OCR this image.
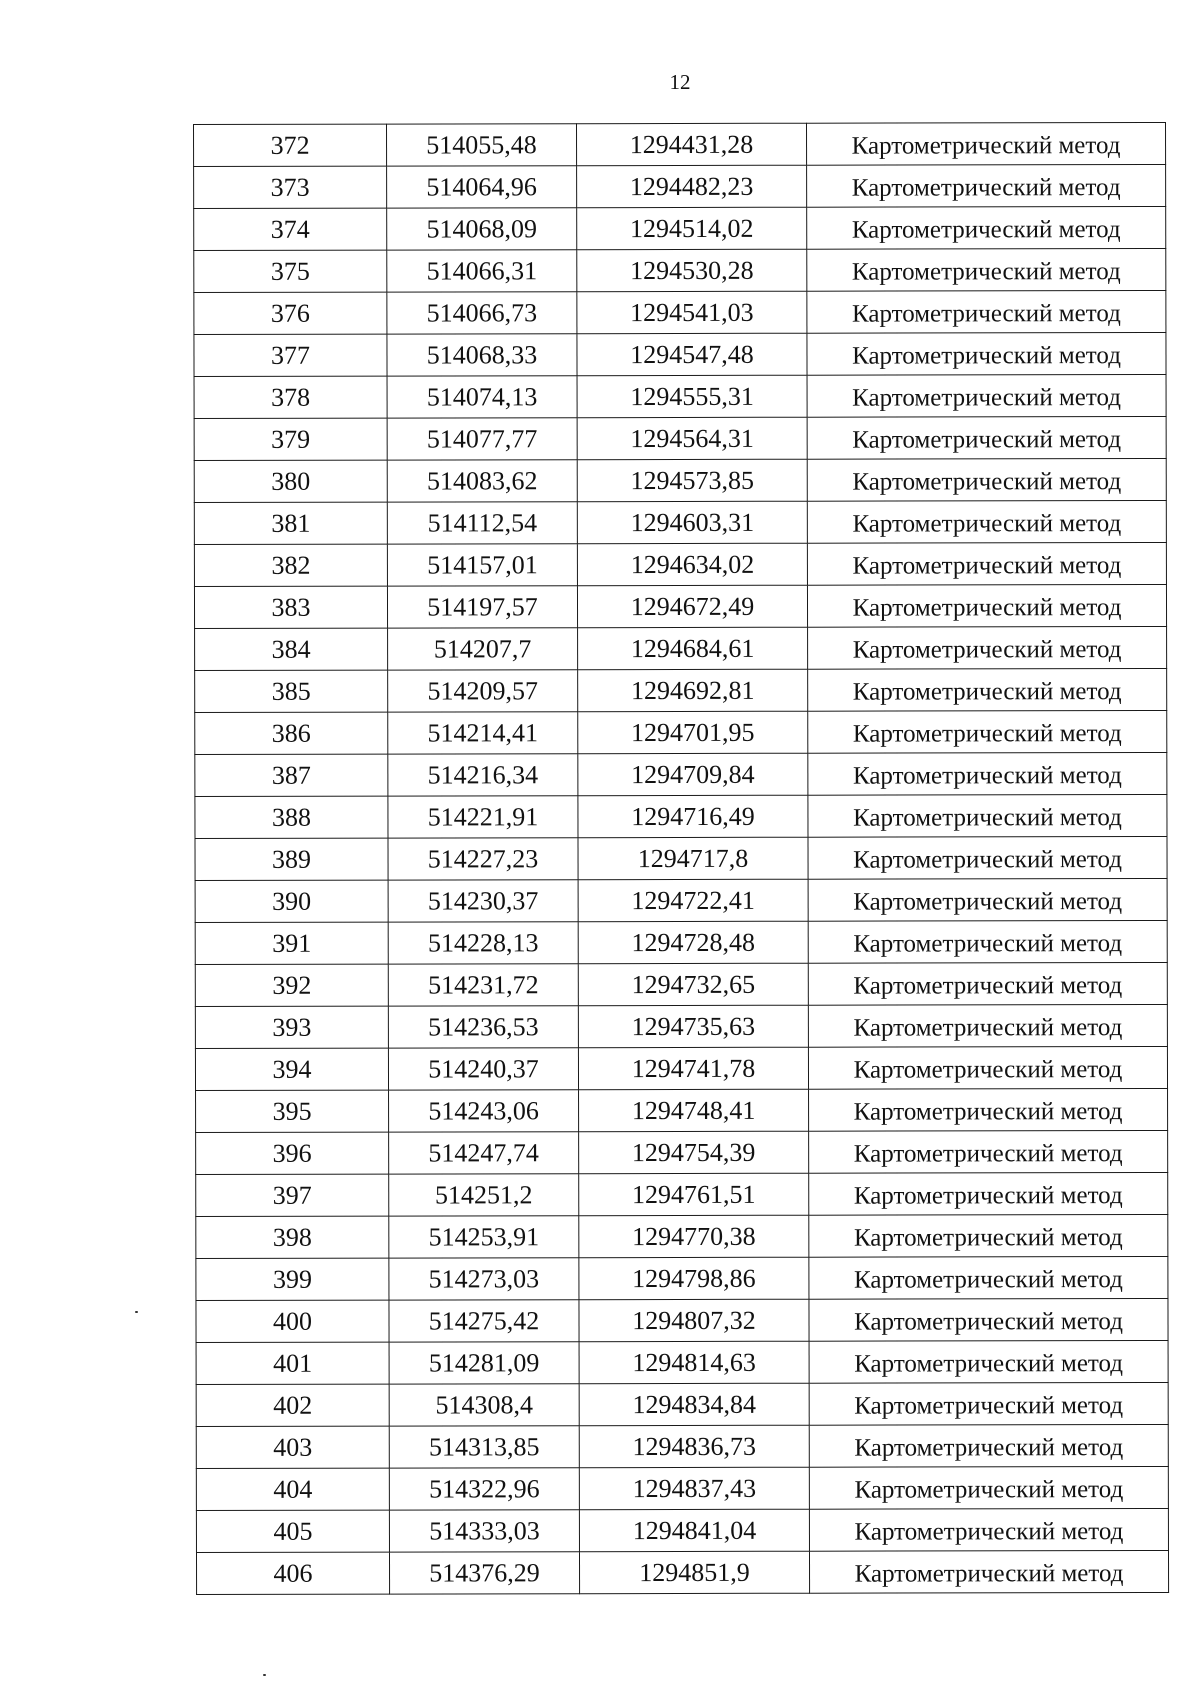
12
372	514055,48	1294431,28	Картометрический метод
373	514064,96	1294482,23	Картометрический метод
374	514068,09	1294514,02	Картометрический метод
375	514066,31	1294530,28	Картометрический метод
376	514066,73	1294541,03	Картометрический метод
377	514068,33	1294547,48	Картометрический метод
378	514074,13	1294555,31	Картометрический метод
379	514077,77	1294564,31	Картометрический метод
380	514083,62	1294573,85	Картометрический метод
381	514112,54	1294603,31	Картометрический метод
382	514157,01	1294634,02	Картометрический метод
383	514197,57	1294672,49	Картометрический метод
384	514207,7	1294684,61	Картометрический метод
385	514209,57	1294692,81	Картометрический метод
386	514214,41	1294701,95	Картометрический метод
387	514216,34	1294709,84	Картометрический метод
388	514221,91	1294716,49	Картометрический метод
389	514227,23	1294717,8	Картометрический метод
390	514230,37	1294722,41	Картометрический метод
391	514228,13	1294728,48	Картометрический метод
392	514231,72	1294732,65	Картометрический метод
393	514236,53	1294735,63	Картометрический метод
394	514240,37	1294741,78	Картометрический метод
395	514243,06	1294748,41	Картометрический метод
396	514247,74	1294754,39	Картометрический метод
397	514251,2	1294761,51	Картометрический метод
398	514253,91	1294770,38	Картометрический метод
399	514273,03	1294798,86	Картометрический метод
400	514275,42	1294807,32	Картометрический метод
401	514281,09	1294814,63	Картометрический метод
402	514308,4	1294834,84	Картометрический метод
403	514313,85	1294836,73	Картометрический метод
404	514322,96	1294837,43	Картометрический метод
405	514333,03	1294841,04	Картометрический метод
406	514376,29	1294851,9	Картометрический метод
